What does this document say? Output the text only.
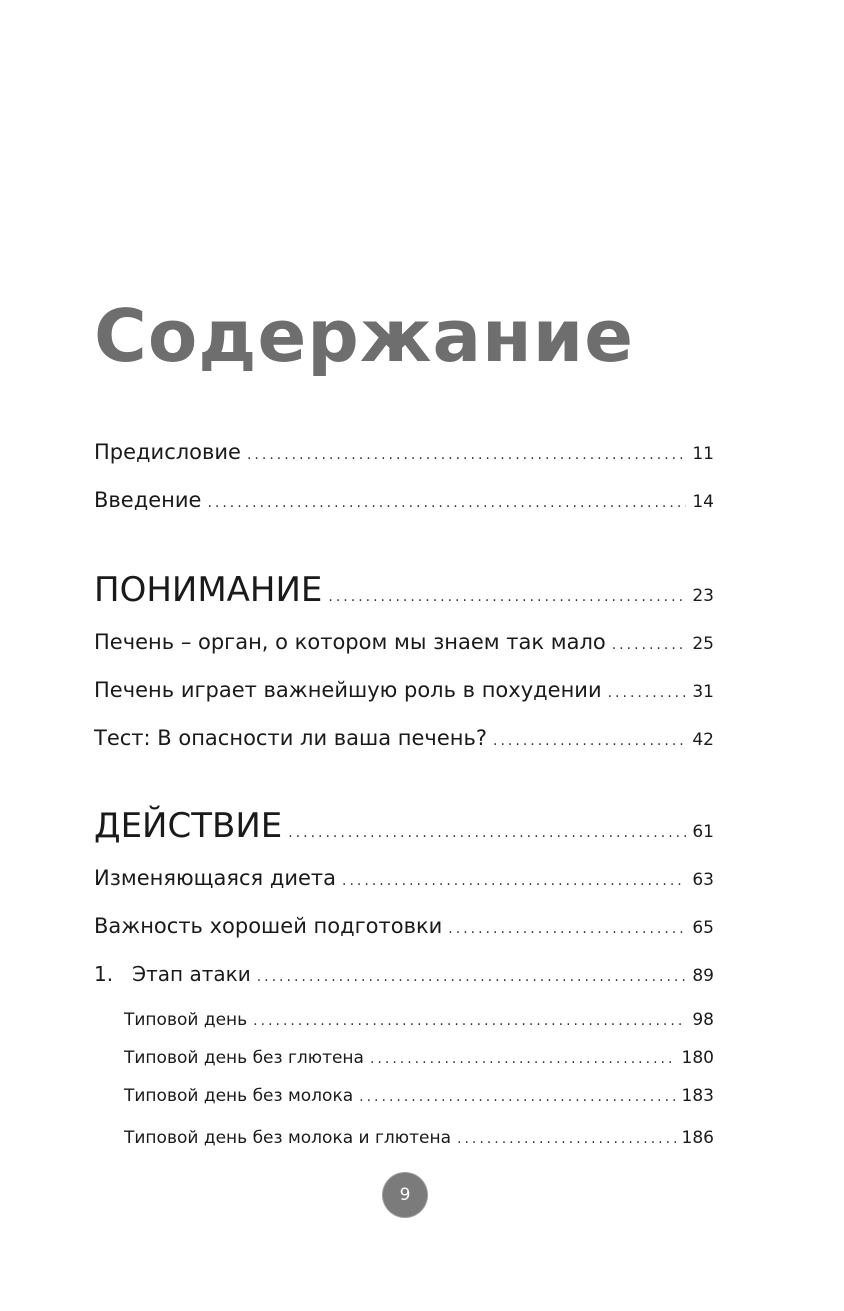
Содержание
Предисловие .....	11
Введение .....	14
ПОНИМАНИЕ .....	23
Печень – орган, о котором мы знаем так мало .....	25
Печень играет важнейшую роль в похудении .....	31
Тест: В опасности ли ваша печень? .....	42
ДЕЙСТВИЕ .....	61
Изменяющаяся диета .....	63
Важность хорошей подготовки .....	65
1.   Этап атаки .....	89
Типовой день .....	98
Типовой день без глютена .....	180
Типовой день без молока .....	183
Типовой день без молока и глютена .....	186
9
